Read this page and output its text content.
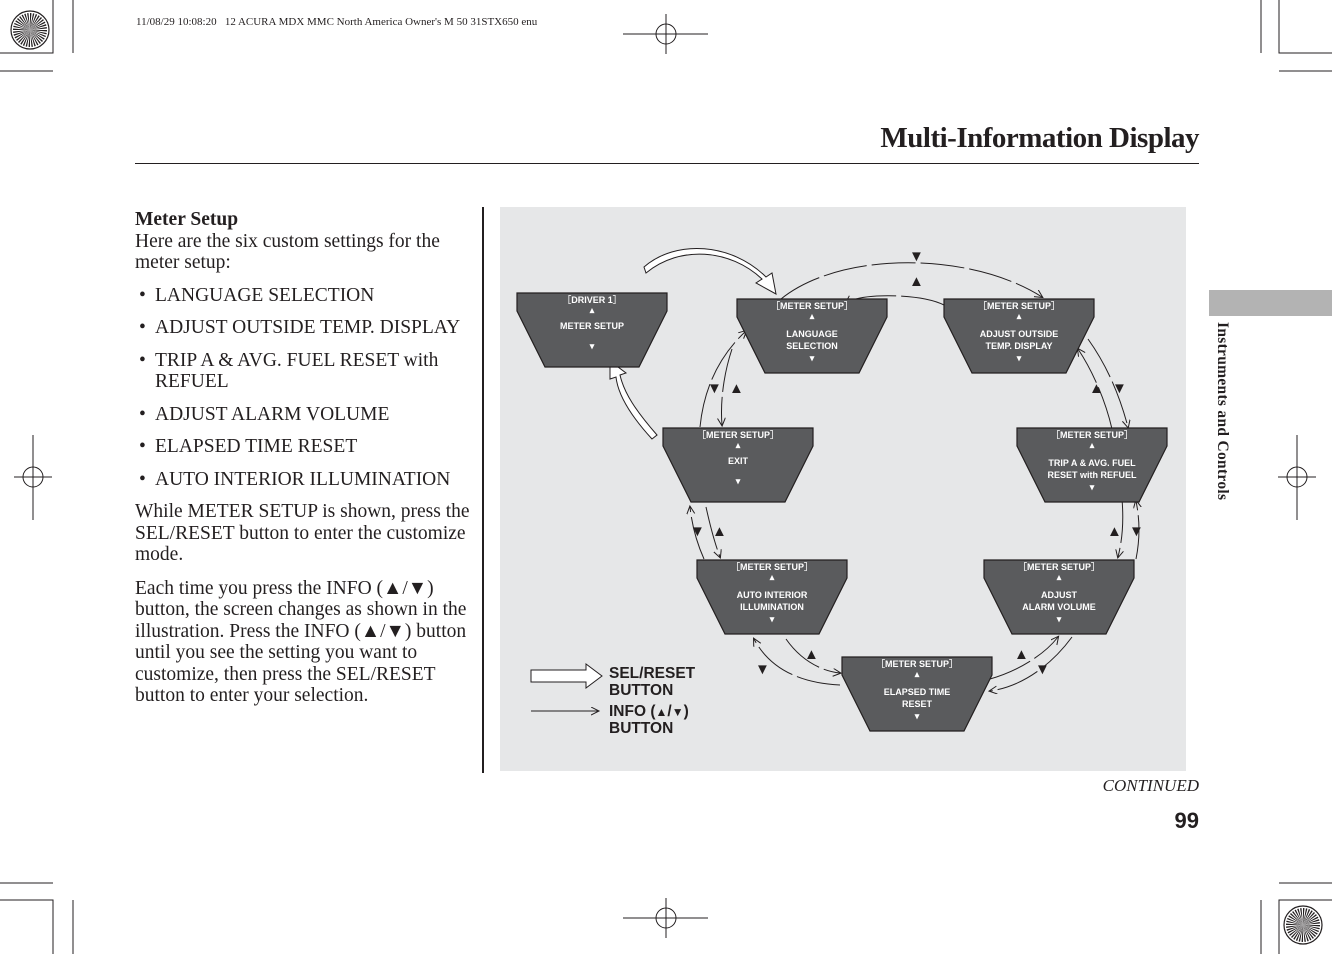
11/08/29 10:08:20   12 ACURA MDX MMC North America Owner's M 50 31STX650 enu
Multi-Information Display
Instruments and Controls
Meter Setup
Here are the six custom settings for the meter setup:
• LANGUAGE SELECTION
• ADJUST OUTSIDE TEMP. DISPLAY
• TRIP A & AVG. FUEL RESET with REFUEL
• ADJUST ALARM VOLUME
• ELAPSED TIME RESET
• AUTO INTERIOR ILLUMINATION

While METER SETUP is shown, press the SEL/RESET button to enter the customize mode.

Each time you press the INFO (▲/▼) button, the screen changes as shown in the illustration. Press the INFO (▲/▼) button until you see the setting you want to customize, then press the SEL/RESET button to enter your selection.

▼
▲
▼ ▲	▲ ▼
▼ ▲	▲ ▼
▼
▲	▲
▼
［DRIVER 1］
▴
METER SETUP
▾
［METER SETUP］
▴
LANGUAGE
SELECTION
▾
［METER SETUP］
▴
ADJUST OUTSIDE
TEMP. DISPLAY
▾
［METER SETUP］
▴
EXIT
▾
［METER SETUP］
▴
TRIP A & AVG. FUEL
RESET with REFUEL
▾
［METER SETUP］
▴
AUTO INTERIOR
ILLUMINATION
▾
［METER SETUP］
▴
ADJUST
ALARM VOLUME
▾
［METER SETUP］
▴
ELAPSED TIME
RESET
▾
SEL/RESET
BUTTON
INFO (▲/▼)
BUTTON
CONTINUED
99
